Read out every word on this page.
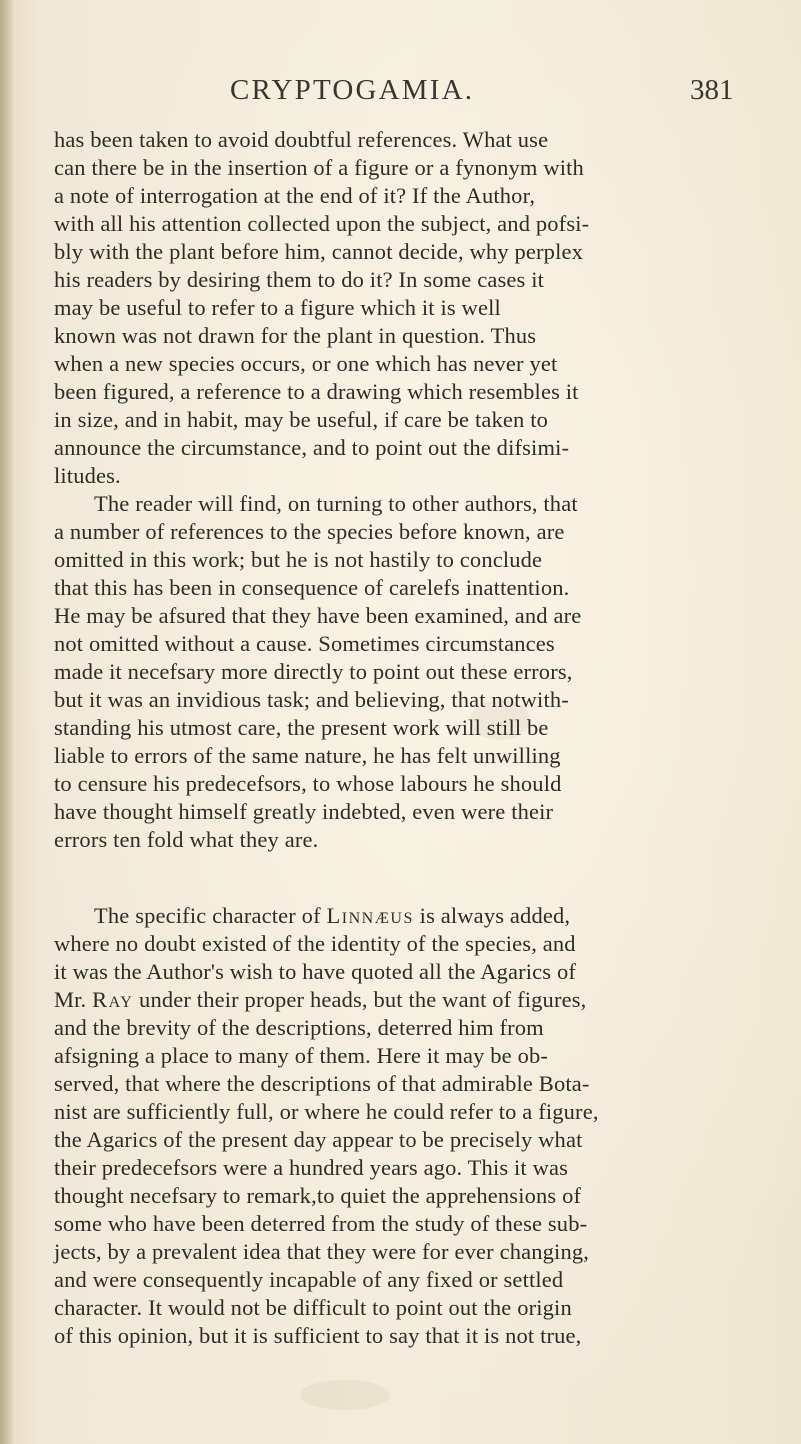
CRYPTOGAMIA.	381
has been taken to avoid doubtful references. What use
can there be in the insertion of a figure or a fynonym with
a note of interrogation at the end of it? If the Author,
with all his attention collected upon the subject, and pofsi-
bly with the plant before him, cannot decide, why perplex
his readers by desiring them to do it? In some cases it
may be useful to refer to a figure which it is well
known was not drawn for the plant in question. Thus
when a new species occurs, or one which has never yet
been figured, a reference to a drawing which resembles it
in size, and in habit, may be useful, if care be taken to
announce the circumstance, and to point out the difsimi-
litudes.
The reader will find, on turning to other authors, that
a number of references to the species before known, are
omitted in this work; but he is not hastily to conclude
that this has been in consequence of carelefs inattention.
He may be afsured that they have been examined, and are
not omitted without a cause. Sometimes circumstances
made it necefsary more directly to point out these errors,
but it was an invidious task; and believing, that notwith-
standing his utmost care, the present work will still be
liable to errors of the same nature, he has felt unwilling
to censure his predecefsors, to whose labours he should
have thought himself greatly indebted, even were their
errors ten fold what they are.
The specific character of Linnæus is always added,
where no doubt existed of the identity of the species, and
it was the Author's wish to have quoted all the Agarics of
Mr. Ray under their proper heads, but the want of figures,
and the brevity of the descriptions, deterred him from
afsigning a place to many of them. Here it may be ob-
served, that where the descriptions of that admirable Bota-
nist are sufficiently full, or where he could refer to a figure,
the Agarics of the present day appear to be precisely what
their predecefsors were a hundred years ago. This it was
thought necefsary to remark,to quiet the apprehensions of
some who have been deterred from the study of these sub-
jects, by a prevalent idea that they were for ever changing,
and were consequently incapable of any fixed or settled
character. It would not be difficult to point out the origin
of this opinion, but it is sufficient to say that it is not true,
